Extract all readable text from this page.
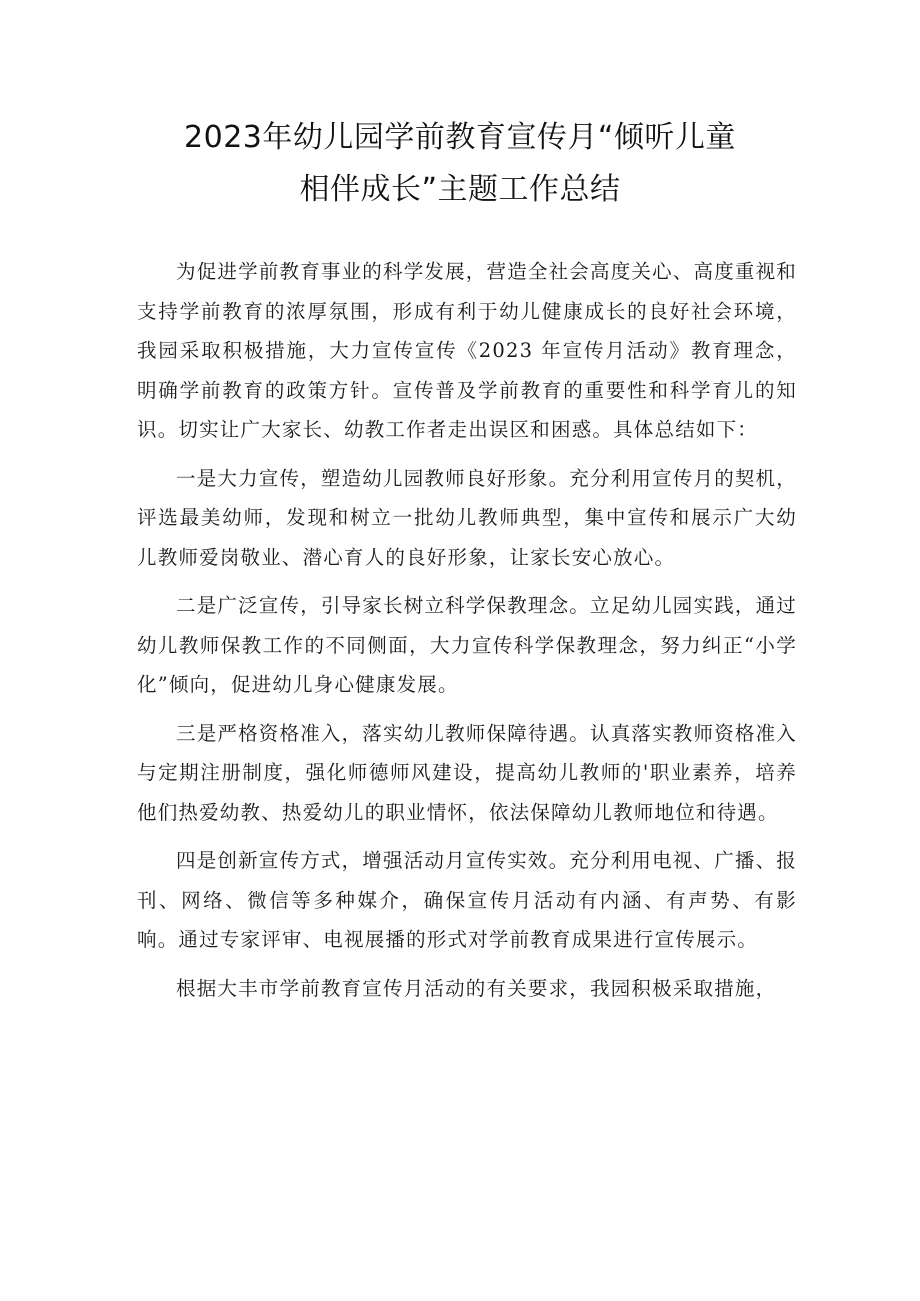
2023年幼儿园学前教育宣传月“倾听儿童
相伴成长”主题工作总结

为促进学前教育事业的科学发展，营造全社会高度关心、高度重视和支持学前教育的浓厚氛围，形成有利于幼儿健康成长的良好社会环境，我园采取积极措施，大力宣传宣传《2023 年宣传月活动》教育理念，明确学前教育的政策方针。宣传普及学前教育的重要性和科学育儿的知识。切实让广大家长、幼教工作者走出误区和困惑。具体总结如下：

一是大力宣传，塑造幼儿园教师良好形象。充分利用宣传月的契机，评选最美幼师，发现和树立一批幼儿教师典型，集中宣传和展示广大幼儿教师爱岗敬业、潜心育人的良好形象，让家长安心放心。

二是广泛宣传，引导家长树立科学保教理念。立足幼儿园实践，通过幼儿教师保教工作的不同侧面，大力宣传科学保教理念，努力纠正“小学化”倾向，促进幼儿身心健康发展。

三是严格资格准入，落实幼儿教师保障待遇。认真落实教师资格准入与定期注册制度，强化师德师风建设，提高幼儿教师的'职业素养，培养他们热爱幼教、热爱幼儿的职业情怀，依法保障幼儿教师地位和待遇。

四是创新宣传方式，增强活动月宣传实效。充分利用电视、广播、报刊、网络、微信等多种媒介，确保宣传月活动有内涵、有声势、有影响。通过专家评审、电视展播的形式对学前教育成果进行宣传展示。

根据大丰市学前教育宣传月活动的有关要求，我园积极采取措施，
